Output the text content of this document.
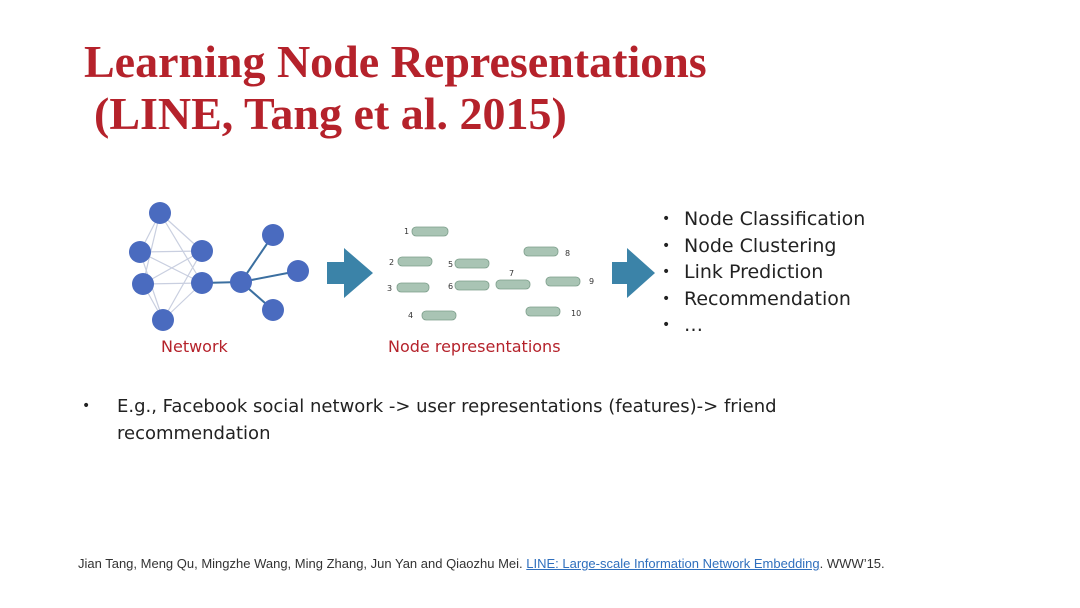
Learning Node Representations
(LINE, Tang et al. 2015)
1
2
3
4
5
6
7
8
9
10
Network	Node representations
• Node Classification
• Node Clustering
• Link Prediction
• Recommendation
• …
•	E.g., Facebook social network -> user representations (features)-> friend recommendation
Jian Tang, Meng Qu, Mingzhe Wang, Ming Zhang, Jun Yan and Qiaozhu Mei. LINE: Large-scale Information Network Embedding. WWW’15.
